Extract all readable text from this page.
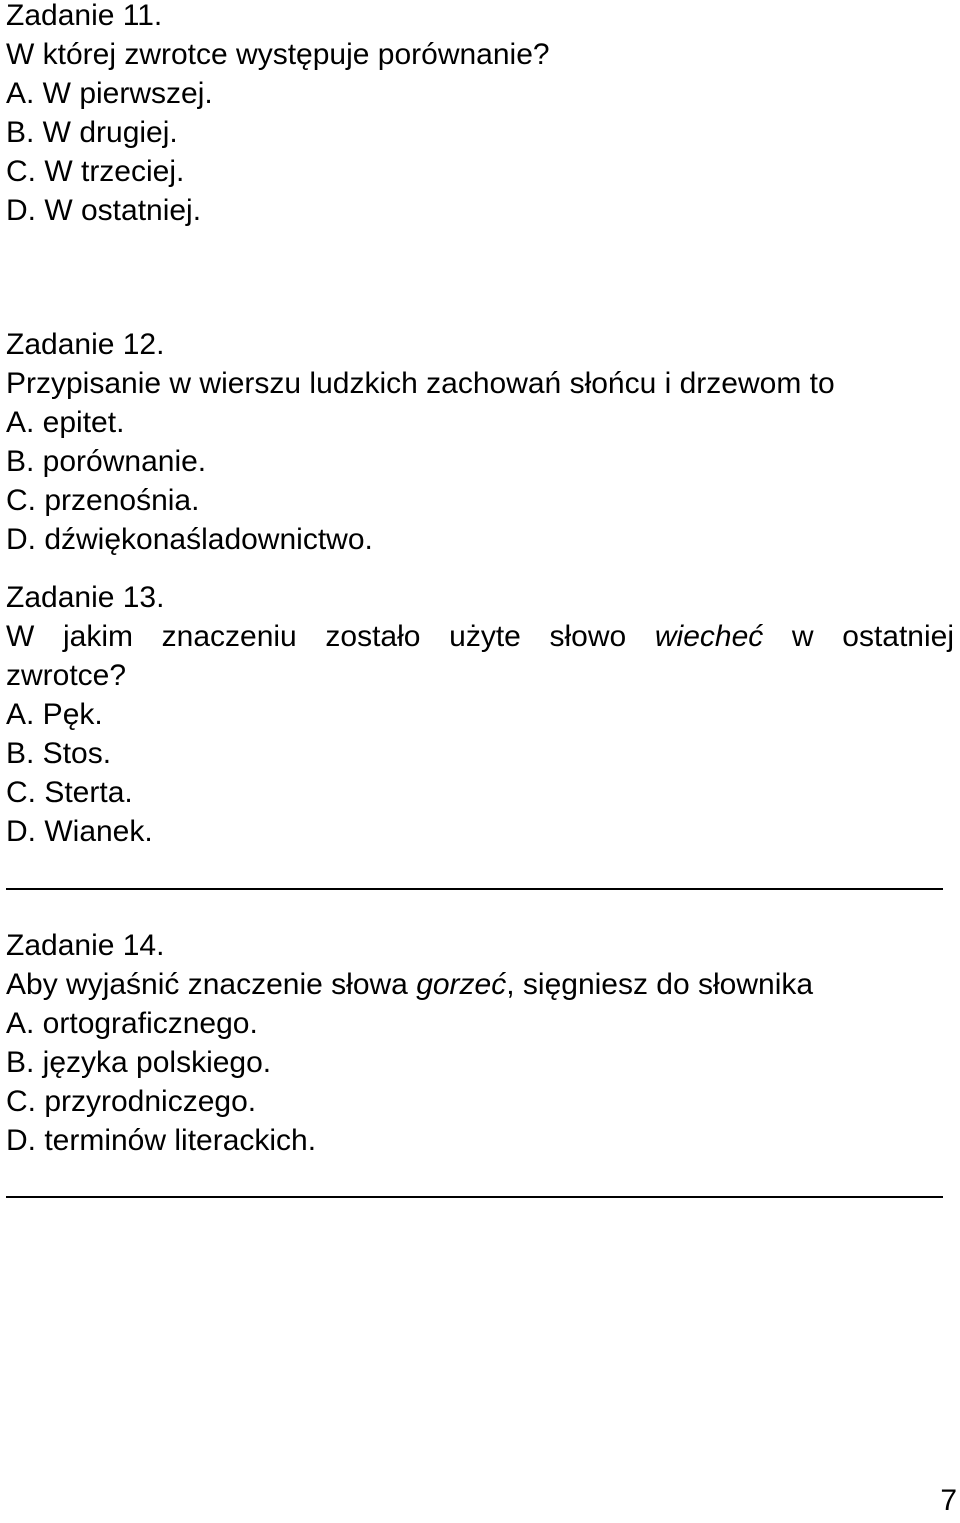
Zadanie 11.

W której zwrotce występuje porównanie?

A. W pierwszej.

B. W drugiej.

C. W trzeciej.

D. W ostatniej.

Zadanie 12.

Przypisanie w wierszu ludzkich zachowań słońcu i drzewom to

A. epitet.

B. porównanie.

C. przenośnia.

D. dźwiękonaśladownictwo.

Zadanie 13.

W jakim znaczeniu zostało użyte słowo wiecheć w ostatniej

zwrotce?

A. Pęk.

B. Stos.

C. Sterta.

D. Wianek.

Zadanie 14.

Aby wyjaśnić znaczenie słowa gorzeć, sięgniesz do słownika

A. ortograficznego.

B. języka polskiego.

C. przyrodniczego.

D. terminów literackich.

7
